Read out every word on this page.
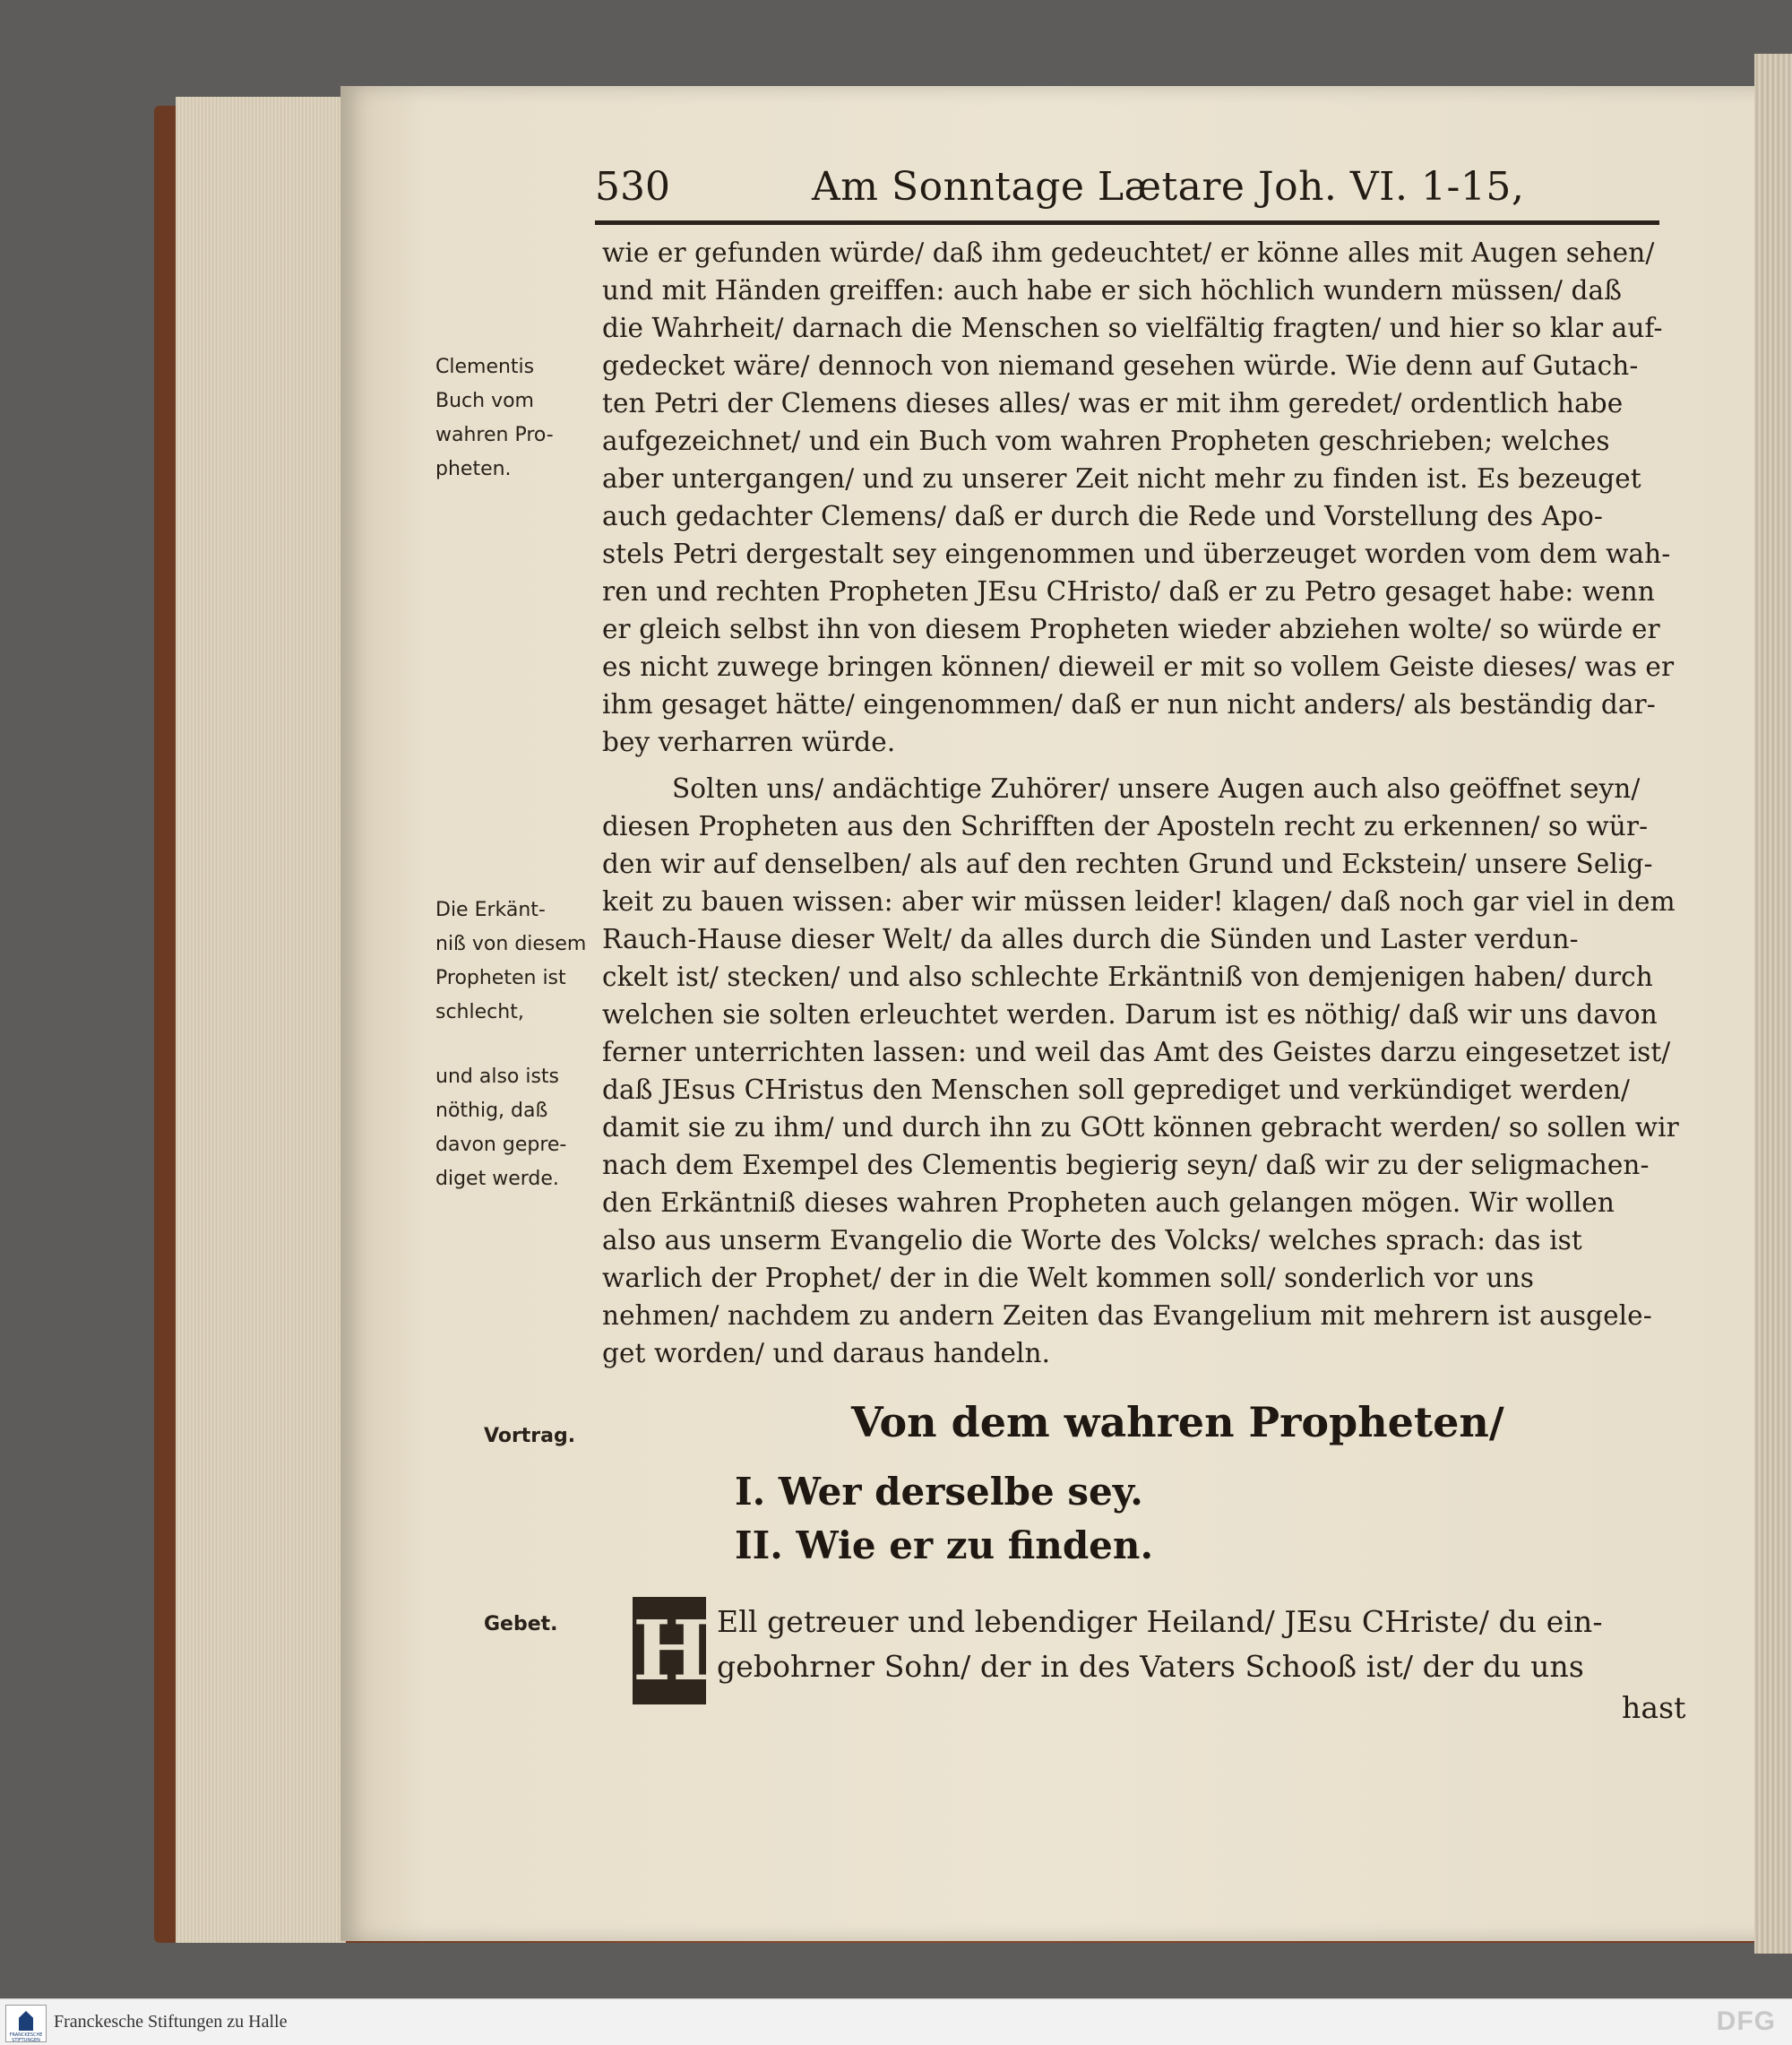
530	Am Sonntage Lætare Joh. VI. 1-15,
wie er gefunden würde/ daß ihm gedeuchtet/ er könne alles mit Augen sehen/
und mit Händen greiffen: auch habe er sich höchlich wundern müssen/ daß
die Wahrheit/ darnach die Menschen so vielfältig fragten/ und hier so klar auf-
gedecket wäre/ dennoch von niemand gesehen würde. Wie denn auf Gutach-
ten Petri der Clemens dieses alles/ was er mit ihm geredet/ ordentlich habe
aufgezeichnet/ und ein Buch vom wahren Propheten geschrieben; welches
aber untergangen/ und zu unserer Zeit nicht mehr zu finden ist. Es bezeuget
auch gedachter Clemens/ daß er durch die Rede und Vorstellung des Apo-
stels Petri dergestalt sey eingenommen und überzeuget worden vom dem wah-
ren und rechten Propheten JEsu CHristo/ daß er zu Petro gesaget habe: wenn
er gleich selbst ihn von diesem Propheten wieder abziehen wolte/ so würde er
es nicht zuwege bringen können/ dieweil er mit so vollem Geiste dieses/ was er
ihm gesaget hätte/ eingenommen/ daß er nun nicht anders/ als beständig dar-
bey verharren würde.
Solten uns/ andächtige Zuhörer/ unsere Augen auch also geöffnet seyn/
diesen Propheten aus den Schrifften der Aposteln recht zu erkennen/ so wür-
den wir auf denselben/ als auf den rechten Grund und Eckstein/ unsere Selig-
keit zu bauen wissen: aber wir müssen leider! klagen/ daß noch gar viel in dem
Rauch-Hause dieser Welt/ da alles durch die Sünden und Laster verdun-
ckelt ist/ stecken/ und also schlechte Erkäntniß von demjenigen haben/ durch
welchen sie solten erleuchtet werden. Darum ist es nöthig/ daß wir uns davon
ferner unterrichten lassen: und weil das Amt des Geistes darzu eingesetzet ist/
daß JEsus CHristus den Menschen soll geprediget und verkündiget werden/
damit sie zu ihm/ und durch ihn zu GOtt können gebracht werden/ so sollen wir
nach dem Exempel des Clementis begierig seyn/ daß wir zu der seligmachen-
den Erkäntniß dieses wahren Propheten auch gelangen mögen. Wir wollen
also aus unserm Evangelio die Worte des Volcks/ welches sprach: das ist
warlich der Prophet/ der in die Welt kommen soll/ sonderlich vor uns
nehmen/ nachdem zu andern Zeiten das Evangelium mit mehrern ist ausgele-
get worden/ und daraus handeln.
Clementis
Buch vom
wahren Pro-
pheten.
Die Erkänt-
niß von diesem
Propheten ist
schlecht,
und also ists
nöthig, daß
davon gepre-
diget werde.
Vortrag.
Gebet.
Von dem wahren Propheten/
I. Wer derselbe sey.
II. Wie er zu finden.
H Ell getreuer und lebendiger Heiland/ JEsu CHriste/ du ein-
gebohrner Sohn/ der in des Vaters Schooß ist/ der du uns
hast
FRANCKESCHE STIFTUNGEN
Franckesche Stiftungen zu Halle	DFG
